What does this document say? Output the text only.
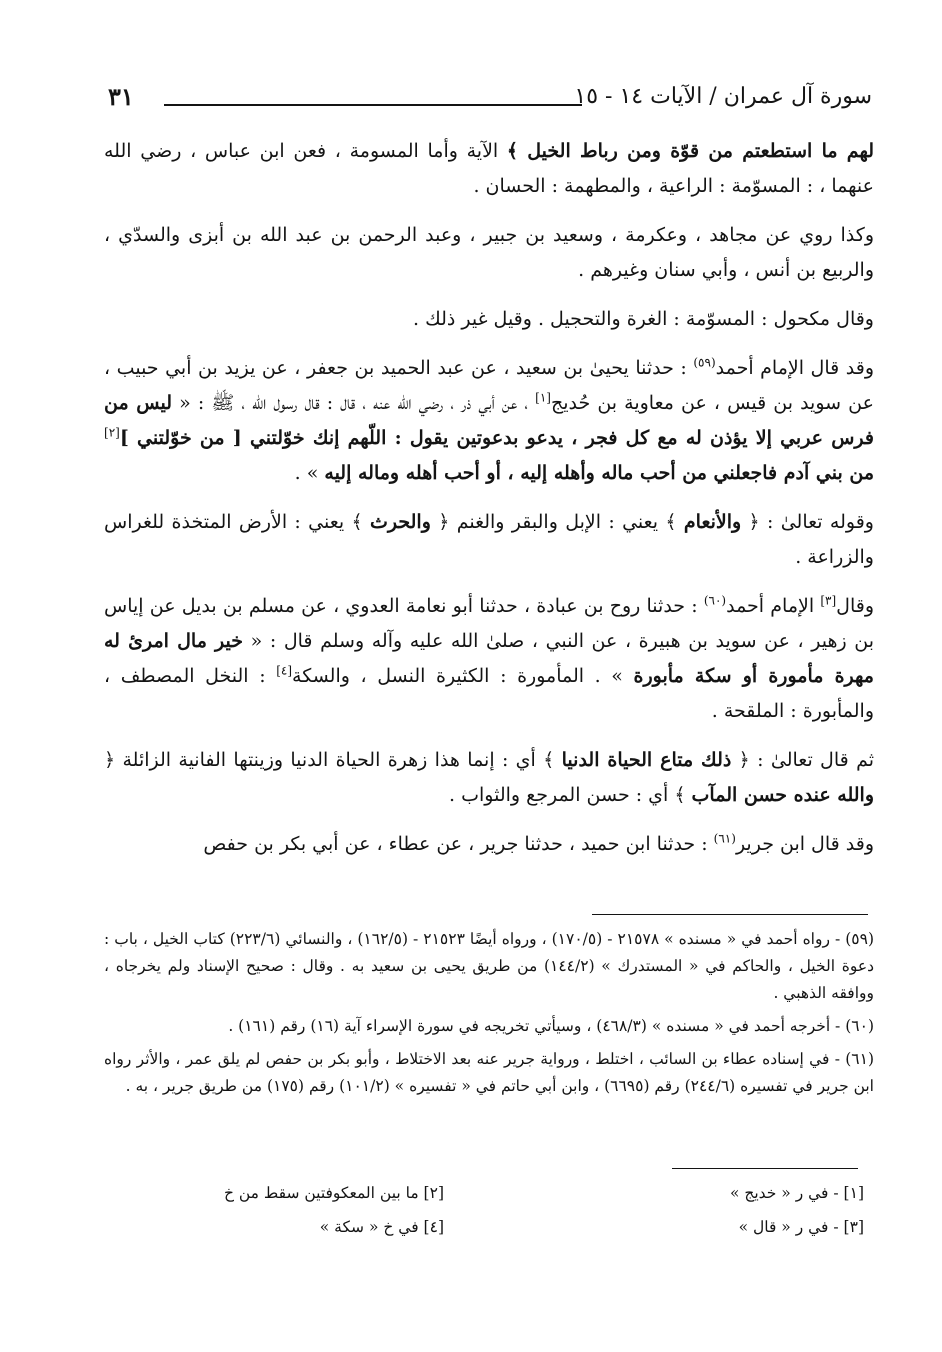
سورة آل عمران / الآيات ١٤ - ١٥
٣١

لهم ما استطعتم من قوّة ومن رباط الخيل ﴾ الآية وأما المسومة ، فعن ابن عباس ، رضي الله عنهما ، : المسوّمة : الراعية ، والمطهمة : الحسان .

وكذا روي عن مجاهد ، وعكرمة ، وسعيد بن جبير ، وعبد الرحمن بن عبد الله بن أبزى والسدّي ، والربيع بن أنس ، وأبي سنان وغيرهم .

وقال مكحول : المسوّمة : الغرة والتحجيل . وقيل غير ذلك .

وقد قال الإمام أحمد$^{(٥٩)}$ : حدثنا يحيىٰ بن سعيد ، عن عبد الحميد بن جعفر ، عن يزيد بن أبي حبيب ، عن سويد بن قيس ، عن معاوية بن حُديج[١] ، عن أبي ذر ، رضي الله عنه ، قال : قال رسول الله ، ﷺ : « ليس من فرس عربي إلا يؤذن له مع كل فجر ، يدعو بدعوتين يقول : اللّهم إنك خوّلتني [ من خوّلتني ][٢] من بني آدم فاجعلني من أحب ماله وأهله إليه ، أو أحب أهله وماله إليه » .

وقوله تعالىٰ : ﴿ والأنعام ﴾ يعني : الإبل والبقر والغنم ﴿ والحرث ﴾ يعني : الأرض المتخذة للغراس والزراعة .

وقال[٣] الإمام أحمد$^{(٦٠)}$ : حدثنا روح بن عبادة ، حدثنا أبو نعامة العدوي ، عن مسلم بن بديل عن إياس بن زهير ، عن سويد بن هبيرة ، عن النبي ، صلىٰ الله عليه وآله وسلم قال : « خير مال امرئ له مهرة مأمورة أو سكة مأبورة » . المأمورة : الكثيرة النسل ، والسكة[٤] : النخل المصطف ، والمأبورة : الملقحة .

ثم قال تعالىٰ : ﴿ ذلك متاع الحياة الدنيا ﴾ أي : إنما هذا زهرة الحياة الدنيا وزينتها الفانية الزائلة ﴿ والله عنده حسن المآب ﴾ أي : حسن المرجع والثواب .

وقد قال ابن جرير$^{(٦١)}$ : حدثنا ابن حميد ، حدثنا جرير ، عن عطاء ، عن أبي بكر بن حفص

(٥٩) - رواه أحمد في « مسنده » ٢١٥٧٨ - (١٧٠/٥) ، ورواه أيضًا ٢١٥٢٣ - (١٦٢/٥) ، والنسائي (٢٢٣/٦) كتاب الخيل ، باب : دعوة الخيل ، والحاكم في « المستدرك » (١٤٤/٢) من طريق يحيى بن سعيد به . وقال : صحيح الإسناد ولم يخرجاه ، ووافقه الذهبي .

(٦٠) - أخرجه أحمد في « مسنده » (٤٦٨/٣) ، وسيأتي تخريجه في سورة الإسراء آية (١٦) رقم (١٦١) .

(٦١) - في إسناده عطاء بن السائب ، اختلط ، ورواية جرير عنه بعد الاختلاط ، وأبو بكر بن حفص لم يلق عمر ، والأثر رواه ابن جرير في تفسيره (٢٤٤/٦) رقم (٦٦٩٥) ، وابن أبي حاتم في « تفسيره » (١٠١/٢) رقم (١٧٥) من طريق جرير ، به .

[١] - في ر « خديج »
[٢] ما بين المعكوفتين سقط من خ
[٣] - في ر « قال »
[٤] في خ « سكة »
